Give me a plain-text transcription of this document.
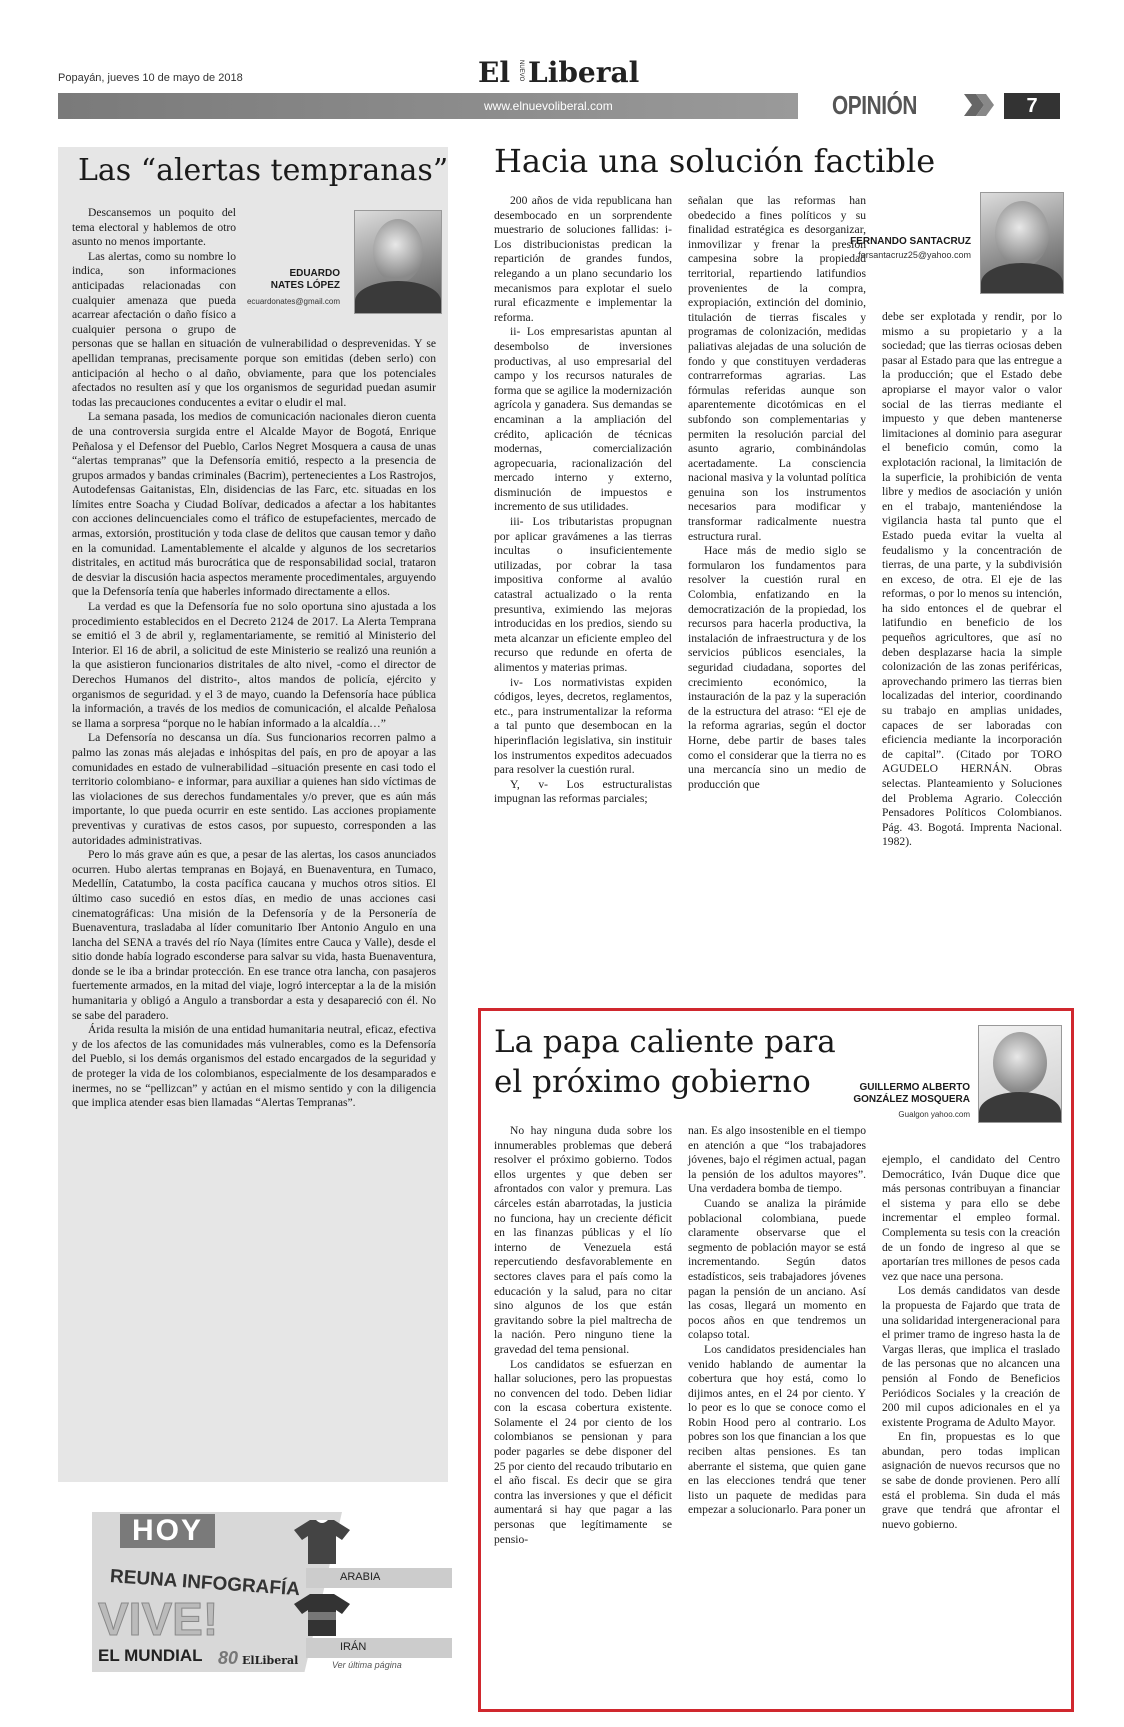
Popayán, jueves 10 de mayo de 2018	El NUEVO Liberal
www.elnuevoliberal.com	OPINIÓN	7
Las “alertas tempranas”
EDUARDO
NATES LÓPEZ
ecuardonates@gmail.com

Descansemos un poquito del tema electoral y hablemos de otro asunto no menos importante.

Las alertas, como su nombre lo indica, son informaciones anticipadas relacionadas con cualquier amenaza que pueda acarrear afectación o daño físico a cualquier persona o grupo de personas que se hallan en situación de vulnerabilidad o desprevenidas. Y se apellidan tempranas, precisamente porque son emitidas (deben serlo) con anticipación al hecho o al daño, obviamente, para que los potenciales afectados no resulten así y que los organismos de seguridad puedan asumir todas las precauciones conducentes a evitar o eludir el mal.

La semana pasada, los medios de comunicación nacionales dieron cuenta de una controversia surgida entre el Alcalde Mayor de Bogotá, Enrique Peñalosa y el Defensor del Pueblo, Carlos Negret Mosquera a causa de unas “alertas tempranas” que la Defensoría emitió, respecto a la presencia de grupos armados y bandas criminales (Bacrim), pertenecientes a Los Rastrojos, Autodefensas Gaitanistas, Eln, disidencias de las Farc, etc. situadas en los límites entre Soacha y Ciudad Bolívar, dedicados a afectar a los habitantes con acciones delincuenciales como el tráfico de estupefacientes, mercado de armas, extorsión, prostitución y toda clase de delitos que causan temor y daño en la comunidad. Lamentablemente el alcalde y algunos de los secretarios distritales, en actitud más burocrática que de responsabilidad social, trataron de desviar la discusión hacia aspectos meramente procedimentales, arguyendo que la Defensoría tenía que haberles informado directamente a ellos.

La verdad es que la Defensoría fue no solo oportuna sino ajustada a los procedimiento establecidos en el Decreto 2124 de 2017. La Alerta Temprana se emitió el 3 de abril y, reglamentariamente, se remitió al Ministerio del Interior. El 16 de abril, a solicitud de este Ministerio se realizó una reunión a la que asistieron funcionarios distritales de alto nivel, -como el director de Derechos Humanos del distrito-, altos mandos de policía, ejército y organismos de seguridad. y el 3 de mayo, cuando la Defensoría hace pública la información, a través de los medios de comunicación, el alcalde Peñalosa se llama a sorpresa “porque no le habían informado a la alcaldía…”

La Defensoría no descansa un día. Sus funcionarios recorren palmo a palmo las zonas más alejadas e inhóspitas del país, en pro de apoyar a las comunidades en estado de vulnerabilidad –situación presente en casi todo el territorio colombiano- e informar, para auxiliar a quienes han sido víctimas de las violaciones de sus derechos fundamentales y/o prever, que es aún más importante, lo que pueda ocurrir en este sentido. Las acciones propiamente preventivas y curativas de estos casos, por supuesto, corresponden a las autoridades administrativas.

Pero lo más grave aún es que, a pesar de las alertas, los casos anunciados ocurren. Hubo alertas tempranas en Bojayá, en Buenaventura, en Tumaco, Medellín, Catatumbo, la costa pacífica caucana y muchos otros sitios. El último caso sucedió en estos días, en medio de unas acciones casi cinematográficas: Una misión de la Defensoría y de la Personería de Buenaventura, trasladaba al líder comunitario Iber Antonio Angulo en una lancha del SENA a través del río Naya (límites entre Cauca y Valle), desde el sitio donde había logrado esconderse para salvar su vida, hasta Buenaventura, donde se le iba a brindar protección. En ese trance otra lancha, con pasajeros fuertemente armados, en la mitad del viaje, logró interceptar a la de la misión humanitaria y obligó a Angulo a transbordar a esta y desapareció con él. No se sabe del paradero.

Árida resulta la misión de una entidad humanitaria neutral, eficaz, efectiva y de los afectos de las comunidades más vulnerables, como es la Defensoría del Pueblo, si los demás organismos del estado encargados de la seguridad y de proteger la vida de los colombianos, especialmente de los desamparados e inermes, no se “pellizcan” y actúan en el mismo sentido y con la diligencia que implica atender esas bien llamadas “Alertas Tempranas”.

Hacia una solución factible
FERNANDO SANTACRUZ
fersantacruz25@yahoo.com

200 años de vida republicana han desembocado en un sorprendente muestrario de soluciones fallidas: i- Los distribucionistas predican la repartición de grandes fundos, relegando a un plano secundario los mecanismos para explotar el suelo rural eficazmente e implementar la reforma.

ii- Los empresaristas apuntan al desembolso de inversiones productivas, al uso empresarial del campo y los recursos naturales de forma que se agilice la modernización agrícola y ganadera. Sus demandas se encaminan a la ampliación del crédito, aplicación de técnicas modernas, comercialización agropecuaria, racionalización del mercado interno y externo, disminución de impuestos e incremento de sus utilidades.

iii- Los tributaristas propugnan por aplicar gravámenes a las tierras incultas o insuficientemente utilizadas, por cobrar la tasa impositiva conforme al avalúo catastral actualizado o la renta presuntiva, eximiendo las mejoras introducidas en los predios, siendo su meta alcanzar un eficiente empleo del recurso que redunde en oferta de alimentos y materias primas.

iv- Los normativistas expiden códigos, leyes, decretos, reglamentos, etc., para instrumentalizar la reforma a tal punto que desembocan en la hiperinflación legislativa, sin instituir los instrumentos expeditos adecuados para resolver la cuestión rural.

Y, v- Los estructuralistas impugnan las reformas parciales;

señalan que las reformas han obedecido a fines políticos y su finalidad estratégica es desorganizar, inmovilizar y frenar la presión campesina sobre la propiedad territorial, repartiendo latifundios provenientes de la compra, expropiación, extinción del dominio, titulación de tierras fiscales y programas de colonización, medidas paliativas alejadas de una solución de fondo y que constituyen verdaderas contrarreformas agrarias. Las fórmulas referidas aunque son aparentemente dicotómicas en el subfondo son complementarias y permiten la resolución parcial del asunto agrario, combinándolas acertadamente. La consciencia nacional masiva y la voluntad política genuina son los instrumentos necesarios para modificar y transformar radicalmente nuestra estructura rural.

Hace más de medio siglo se formularon los fundamentos para resolver la cuestión rural en Colombia, enfatizando en la democratización de la propiedad, los recursos para hacerla productiva, la instalación de infraestructura y de los servicios públicos esenciales, la seguridad ciudadana, soportes del crecimiento económico, la instauración de la paz y la superación de la estructura del atraso: “El eje de la reforma agrarias, según el doctor Horne, debe partir de bases tales como el considerar que la tierra no es una mercancía sino un medio de producción que

debe ser explotada y rendir, por lo mismo a su propietario y a la sociedad; que las tierras ociosas deben pasar al Estado para que las entregue a la producción; que el Estado debe apropiarse el mayor valor o valor social de las tierras mediante el impuesto y que deben mantenerse limitaciones al dominio para asegurar el beneficio común, como la explotación racional, la limitación de la superficie, la prohibición de venta libre y medios de asociación y unión en el trabajo, manteniéndose la vigilancia hasta tal punto que el Estado pueda evitar la vuelta al feudalismo y la concentración de tierras, de una parte, y la subdivisión en exceso, de otra. El eje de las reformas, o por lo menos su intención, ha sido entonces el de quebrar el latifundio en beneficio de los pequeños agricultores, que así no deben desplazarse hacia la simple colonización de las zonas periféricas, aprovechando primero las tierras bien localizadas del interior, coordinando su trabajo en amplias unidades, capaces de ser laboradas con eficiencia mediante la incorporación de capital”. (Citado por TORO AGUDELO HERNÁN. Obras selectas. Planteamiento y Soluciones del Problema Agrario. Colección Pensadores Políticos Colombianos. Pág. 43. Bogotá. Imprenta Nacional. 1982).

La papa caliente para
el próximo gobierno	GUILLERMO ALBERTO
GONZÁLEZ MOSQUERA
Gualgon yahoo.com

No hay ninguna duda sobre los innumerables problemas que deberá resolver el próximo gobierno. Todos ellos urgentes y que deben ser afrontados con valor y premura. Las cárceles están abarrotadas, la justicia no funciona, hay un creciente déficit en las finanzas públicas y el lío interno de Venezuela está repercutiendo desfavorablemente en sectores claves para el país como la educación y la salud, para no citar sino algunos de los que están gravitando sobre la piel maltrecha de la nación. Pero ninguno tiene la gravedad del tema pensional.

Los candidatos se esfuerzan en hallar soluciones, pero las propuestas no convencen del todo. Deben lidiar con la escasa cobertura existente. Solamente el 24 por ciento de los colombianos se pensionan y para poder pagarles se debe disponer del 25 por ciento del recaudo tributario en el año fiscal. Es decir que se gira contra las inversiones y que el déficit aumentará si hay que pagar a las personas que legítimamente se pensio-

nan. Es algo insostenible en el tiempo en atención a que “los trabajadores jóvenes, bajo el régimen actual, pagan la pensión de los adultos mayores”. Una verdadera bomba de tiempo.

Cuando se analiza la pirámide poblacional colombiana, puede claramente observarse que el segmento de población mayor se está incrementando. Según datos estadísticos, seis trabajadores jóvenes pagan la pensión de un anciano. Así las cosas, llegará un momento en pocos años en que tendremos un colapso total.

Los candidatos presidenciales han venido hablando de aumentar la cobertura que hoy está, como lo dijimos antes, en el 24 por ciento. Y lo peor es lo que se conoce como el Robin Hood pero al contrario. Los pobres son los que financian a los que reciben altas pensiones. Es tan aberrante el sistema, que quien gane en las elecciones tendrá que tener listo un paquete de medidas para empezar a solucionarlo. Para poner un

ejemplo, el candidato del Centro Democrático, Iván Duque dice que más personas contribuyan a financiar el sistema y para ello se debe incrementar el empleo formal. Complementa su tesis con la creación de un fondo de ingreso al que se aportarían tres millones de pesos cada vez que nace una persona.

Los demás candidatos van desde la propuesta de Fajardo que trata de una solidaridad intergeneracional para el primer tramo de ingreso hasta la de Vargas lleras, que implica el traslado de las personas que no alcancen una pensión al Fondo de Beneficios Periódicos Sociales y la creación de 200 mil cupos adicionales en el ya existente Programa de Adulto Mayor.

En fin, propuestas es lo que abundan, pero todas implican asignación de nuevos recursos que no se sabe de donde provienen. Pero allí está el problema. Sin duda el más grave que tendrá que afrontar el nuevo gobierno.

HOY
REUNA INFOGRAFÍA
VIVE!
EL MUNDIAL 80 ElLiberal
ARABIA
IRÁN
Ver última página
